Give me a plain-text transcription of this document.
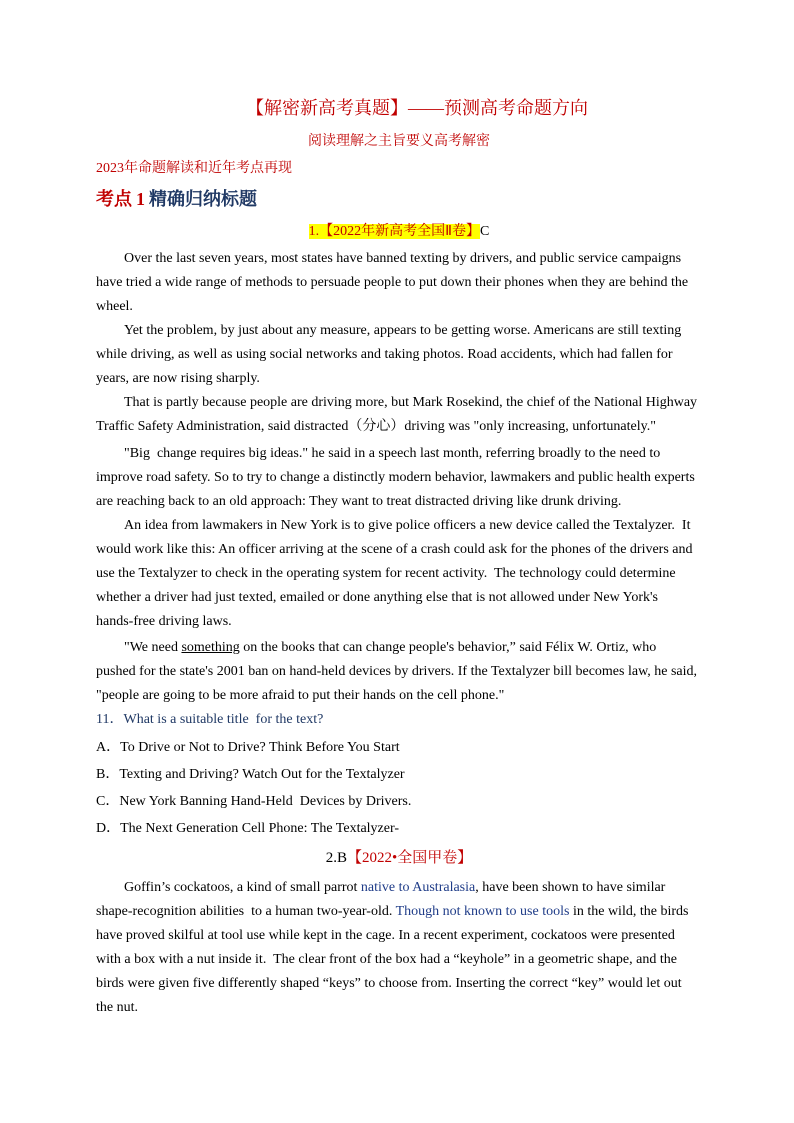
【解密新高考真题】——预测高考命题方向
阅读理解之主旨要义高考解密
2023年命题解读和近年考点再现
考点 1 精确归纳标题
1.【2022年新高考全国Ⅱ卷】C
Over the last seven years, most states have banned texting by drivers, and public service campaigns
have tried a wide range of methods to persuade people to put down their phones when they are behind the
wheel.
Yet the problem, by just about any measure, appears to be getting worse. Americans are still texting
while driving, as well as using social networks and taking photos. Road accidents, which had fallen for
years, are now rising sharply.
That is partly because people are driving more, but Mark Rosekind, the chief of the National Highway
Traffic Safety Administration, said distracted（分心）driving was "only increasing, unfortunately."
"Big  change requires big ideas." he said in a speech last month, referring broadly to the need to
improve road safety. So to try to change a distinctly modern behavior, lawmakers and public health experts
are reaching back to an old approach: They want to treat distracted driving like drunk driving.
An idea from lawmakers in New York is to give police officers a new device called the Textalyzer.  It
would work like this: An officer arriving at the scene of a crash could ask for the phones of the drivers and
use the Textalyzer to check in the operating system for recent activity.  The technology could determine
whether a driver had just texted, emailed or done anything else that is not allowed under New York's
hands-free driving laws.
"We need something on the books that can change people's behavior,” said Félix W. Ortiz, who
pushed for the state's 2001 ban on hand-held devices by drivers. If the Textalyzer bill becomes law, he said,
"people are going to be more afraid to put their hands on the cell phone."
11．What is a suitable title  for the text?
A．To Drive or Not to Drive? Think Before You Start
B．Texting and Driving? Watch Out for the Textalyzer
C．New York Banning Hand-Held  Devices by Drivers.
D．The Next Generation Cell Phone: The Textalyzer-
2.B【2022•全国甲卷】
Goffin’s cockatoos, a kind of small parrot native to Australasia, have been shown to have similar
shape-recognition abilities  to a human two-year-old. Though not known to use tools in the wild, the birds
have proved skilful at tool use while kept in the cage. In a recent experiment, cockatoos were presented
with a box with a nut inside it.  The clear front of the box had a “keyhole” in a geometric shape, and the
birds were given five differently shaped “keys” to choose from. Inserting the correct “key” would let out
the nut.
